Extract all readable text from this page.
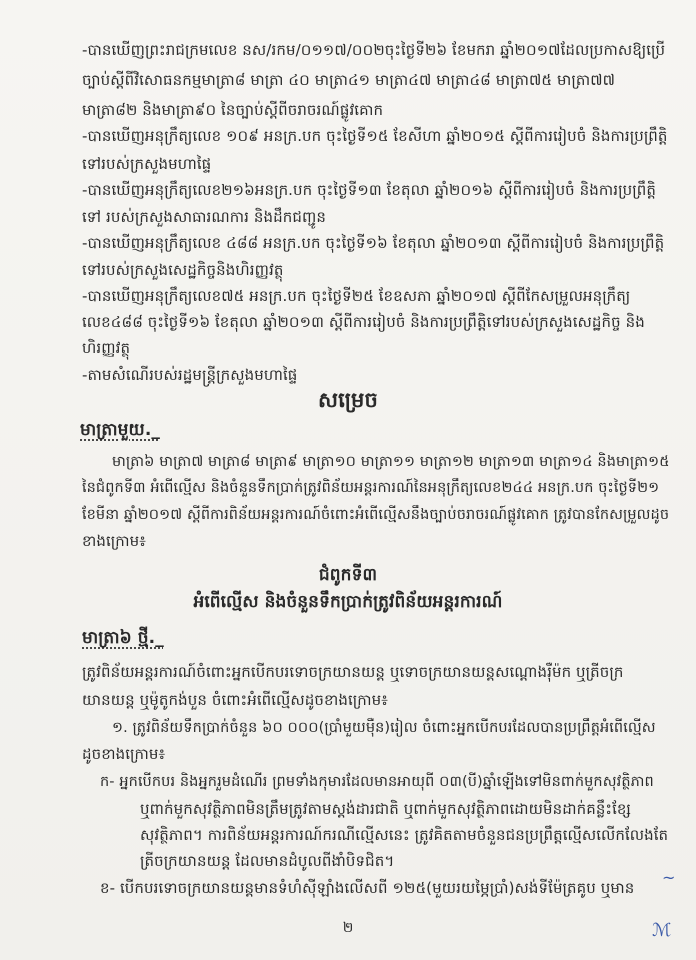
-បានឃើញព្រះរាជក្រមលេខ នស/រកម/០១១៧/០០២ចុះថ្ងៃទី២៦ ខែមករា ឆ្នាំ២០១៧ដែលប្រកាសឱ្យប្រើ
ច្បាប់ស្ដីពីវិសោធនកម្មមាត្រា៨ មាត្រា ៤០ មាត្រា៤១ មាត្រា៤៧ មាត្រា៤៨ មាត្រា៧៥ មាត្រា៧៧
មាត្រា៨២ និងមាត្រា៩០ នៃច្បាប់ស្ដីពីចរាចរណ៍ផ្លូវគោក
-បានឃើញអនុក្រឹត្យលេខ ១០៩ អនក្រ.បក ចុះថ្ងៃទី១៥ ខែសីហា ឆ្នាំ២០១៥ ស្ដីពីការរៀបចំ និងការប្រព្រឹត្ដិ
ទៅរបស់ក្រសួងមហាផ្ទៃ
-បានឃើញអនុក្រឹត្យលេខ២១៦អនក្រ.បក ចុះថ្ងៃទី១៣ ខែតុលា ឆ្នាំ២០១៦ ស្ដីពីការរៀបចំ និងការប្រព្រឹត្ដិ
ទៅ របស់ក្រសួងសាធារណការ និងដឹកជញ្ជូន
-បានឃើញអនុក្រឹត្យលេខ ៤៨៨ អនក្រ.បក ចុះថ្ងៃទី១៦ ខែតុលា ឆ្នាំ២០១៣ ស្ដីពីការរៀបចំ និងការប្រព្រឹត្ដិ
ទៅរបស់ក្រសួងសេដ្ឋកិច្ចនិងហិរញ្ញវត្ថុ
-បានឃើញអនុក្រឹត្យលេខ៧៥ អនក្រ.បក ចុះថ្ងៃទី២៥ ខែឧសភា ឆ្នាំ២០១៧ ស្ដីពីកែសម្រួលអនុក្រឹត្យ
លេខ៤៨៨ ចុះថ្ងៃទី១៦ ខែតុលា ឆ្នាំ២០១៣ ស្ដីពីការរៀបចំ និងការប្រព្រឹត្ដិទៅរបស់ក្រសួងសេដ្ឋកិច្ច និង
ហិរញ្ញវត្ថុ
-តាមសំណើរបស់រដ្ឋមន្ត្រីក្រសួងមហាផ្ទៃ
សម្រេច
មាត្រាមួយ._
មាត្រា៦ មាត្រា៧ មាត្រា៨ មាត្រា៩ មាត្រា១០ មាត្រា១១ មាត្រា១២ មាត្រា១៣ មាត្រា១៤ និងមាត្រា១៥
នៃជំពូកទី៣ អំពើល្មើស និងចំនួនទឹកប្រាក់ត្រូវពិន័យអន្ដរការណ៍នៃអនុក្រឹត្យលេខ២៤៤ អនក្រ.បក ចុះថ្ងៃទី២១
ខែមីនា ឆ្នាំ២០១៧ ស្ដីពីការពិន័យអន្ដរការណ៍ចំពោះអំពើល្មើសនឹងច្បាប់ចរាចរណ៍ផ្លូវគោក ត្រូវបានកែសម្រួលដូច
ខាងក្រោម៖
ជំពូកទី៣
អំពើល្មើស និងចំនួនទឹកប្រាក់ត្រូវពិន័យអន្ដរការណ៍
មាត្រា៦ ថ្មី._
ត្រូវពិន័យអន្ដរការណ៍ចំពោះអ្នកបើកបរទោចក្រយានយន្ត ឬទោចក្រយានយន្ដសណ្ដោងរ៉ឺម៉ក ឬត្រីចក្រ
យានយន្ត ឬម៉ូតូកង់បួន ចំពោះអំពើល្មើសដូចខាងក្រោម៖
១. ត្រូវពិន័យទឹកប្រាក់ចំនួន ៦០ ០០០(ប្រាំមួយម៉ឺន)រៀល ចំពោះអ្នកបើកបរដែលបានប្រព្រឹត្ដអំពើល្មើស
ដូចខាងក្រោម៖
ក- អ្នកបើកបរ និងអ្នករួមដំណើរ ព្រមទាំងកុមារដែលមានអាយុពី ០៣(បី)ឆ្នាំឡើងទៅមិនពាក់មួកសុវត្ថិភាព
ឬពាក់មួកសុវត្ថិភាពមិនត្រឹមត្រូវតាមស្ដង់ដារជាតិ ឬពាក់មួកសុវត្ថិភាពដោយមិនដាក់គន្លឹះខ្សែ
សុវត្ថិភាព។ ការពិន័យអន្ដរការណ៍ករណីល្មើសនេះ ត្រូវគិតតាមចំនួនជនប្រព្រឹត្តល្មើសលើកលែងតែ
ត្រីចក្រយានយន្ត ដែលមានដំបូលពីងាំបិទជិត។
ខ- បើកបរទោចក្រយានយន្តមានទំហំស៊ីឡាំងលើសពី ១២៥(មួយរយម្ភៃប្រាំ)សង់ទីម៉ែត្រគូប ឬមាន
~
ℳ
២
